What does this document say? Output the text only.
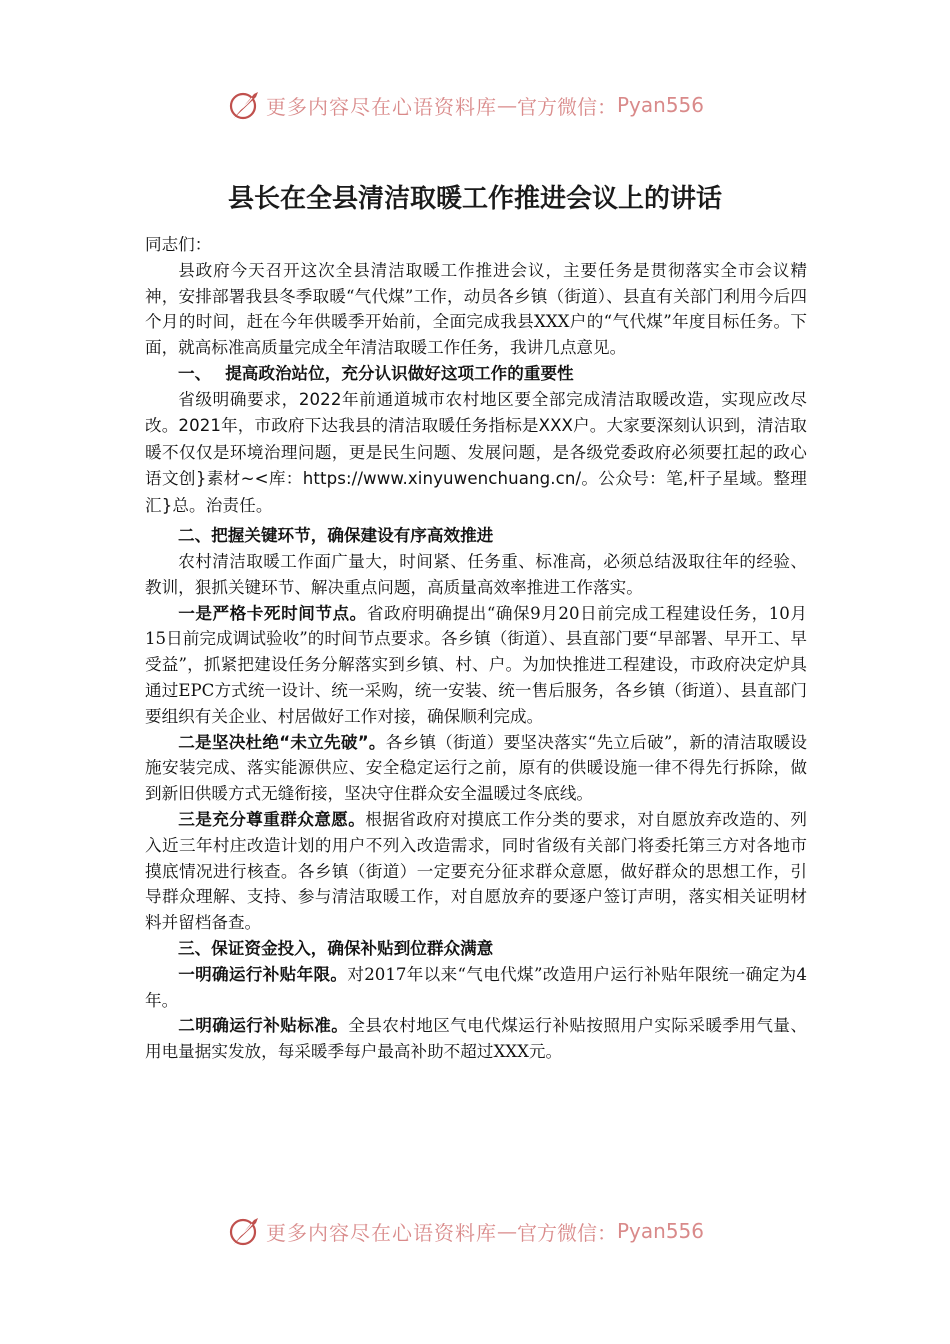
更多内容尽在心语资料库 — 官方微信： Pyan556
县长在全县清洁取暖工作推进会议上的讲话

同志们：

县政府今天召开这次全县清洁取暖工作推进会议，主要任务是贯彻落实全市会议精神，安排部署我县冬季取暖“气代煤”工作，动员各乡镇（街道）、县直有关部门利用今后四个月的时间，赶在今年供暖季开始前，全面完成我县XXX户的“气代煤”年度目标任务。下面，就高标准高质量完成全年清洁取暖工作任务，我讲几点意见。

一、 提高政治站位，充分认识做好这项工作的重要性

省级明确要求，2022年前通道城市农村地区要全部完成清洁取暖改造，实现应改尽改。2021年，市政府下达我县的清洁取暖任务指标是XXX户。大家要深刻认识到，清洁取暖不仅仅是环境治理问题，更是民生问题、发展问题，是各级党委政府必须要扛起的政心语文创}素材~<库：https://www.xinyuwenchuang.cn/。公众号：笔,杆子星域。整理汇}总。治责任。

二、把握关键环节，确保建设有序高效推进

农村清洁取暖工作面广量大，时间紧、任务重、标准高，必须总结汲取往年的经验、教训，狠抓关键环节、解决重点问题，高质量高效率推进工作落实。

一是严格卡死时间节点。省政府明确提出“确保9月20日前完成工程建设任务，10月15日前完成调试验收”的时间节点要求。各乡镇（街道）、县直部门要“早部署、早开工、早受益”，抓紧把建设任务分解落实到乡镇、村、户。为加快推进工程建设，市政府决定炉具通过EPC方式统一设计、统一采购，统一安装、统一售后服务，各乡镇（街道）、县直部门要组织有关企业、村居做好工作对接，确保顺利完成。

二是坚决杜绝“未立先破”。各乡镇（街道）要坚决落实“先立后破”，新的清洁取暖设施安装完成、落实能源供应、安全稳定运行之前，原有的供暖设施一律不得先行拆除，做到新旧供暖方式无缝衔接，坚决守住群众安全温暖过冬底线。

三是充分尊重群众意愿。根据省政府对摸底工作分类的要求，对自愿放弃改造的、列入近三年村庄改造计划的用户不列入改造需求，同时省级有关部门将委托第三方对各地市摸底情况进行核查。各乡镇（街道）一定要充分征求群众意愿，做好群众的思想工作，引导群众理解、支持、参与清洁取暖工作，对自愿放弃的要逐户签订声明，落实相关证明材料并留档备查。

三、保证资金投入，确保补贴到位群众满意

一明确运行补贴年限。对2017年以来“气电代煤”改造用户运行补贴年限统一确定为4年。

二明确运行补贴标准。全县农村地区气电代煤运行补贴按照用户实际采暖季用气量、用电量据实发放，每采暖季每户最高补助不超过XXX元。

更多内容尽在心语资料库 — 官方微信： Pyan556
